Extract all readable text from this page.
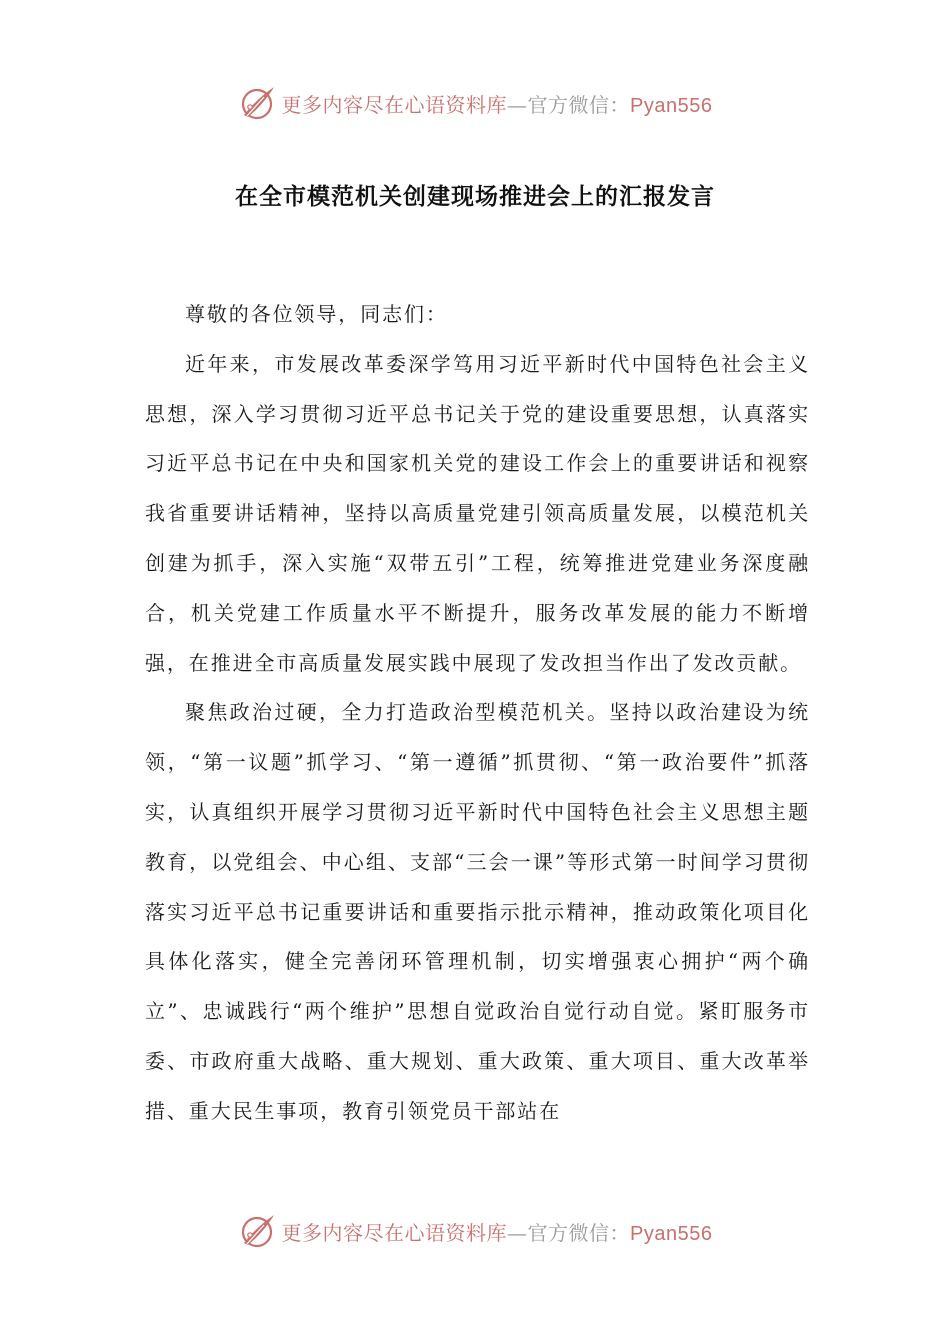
更多内容尽在心语资料库—官方微信：Pyan556
在全市模范机关创建现场推进会上的汇报发言

尊敬的各位领导，同志们：

近年来，市发展改革委深学笃用习近平新时代中国特色社会主义思想，深入学习贯彻习近平总书记关于党的建设重要思想，认真落实习近平总书记在中央和国家机关党的建设工作会上的重要讲话和视察我省重要讲话精神，坚持以高质量党建引领高质量发展，以模范机关创建为抓手，深入实施“双带五引”工程，统筹推进党建业务深度融合，机关党建工作质量水平不断提升，服务改革发展的能力不断增强，在推进全市高质量发展实践中展现了发改担当作出了发改贡献。

聚焦政治过硬，全力打造政治型模范机关。坚持以政治建设为统领，“第一议题”抓学习、“第一遵循”抓贯彻、“第一政治要件”抓落实，认真组织开展学习贯彻习近平新时代中国特色社会主义思想主题教育，以党组会、中心组、支部“三会一课”等形式第一时间学习贯彻落实习近平总书记重要讲话和重要指示批示精神，推动政策化项目化具体化落实，健全完善闭环管理机制，切实增强衷心拥护“两个确立”、忠诚践行“两个维护”思想自觉政治自觉行动自觉。紧盯服务市委、市政府重大战略、重大规划、重大政策、重大项目、重大改革举措、重大民生事项，教育引领党员干部站在

更多内容尽在心语资料库—官方微信：Pyan556
